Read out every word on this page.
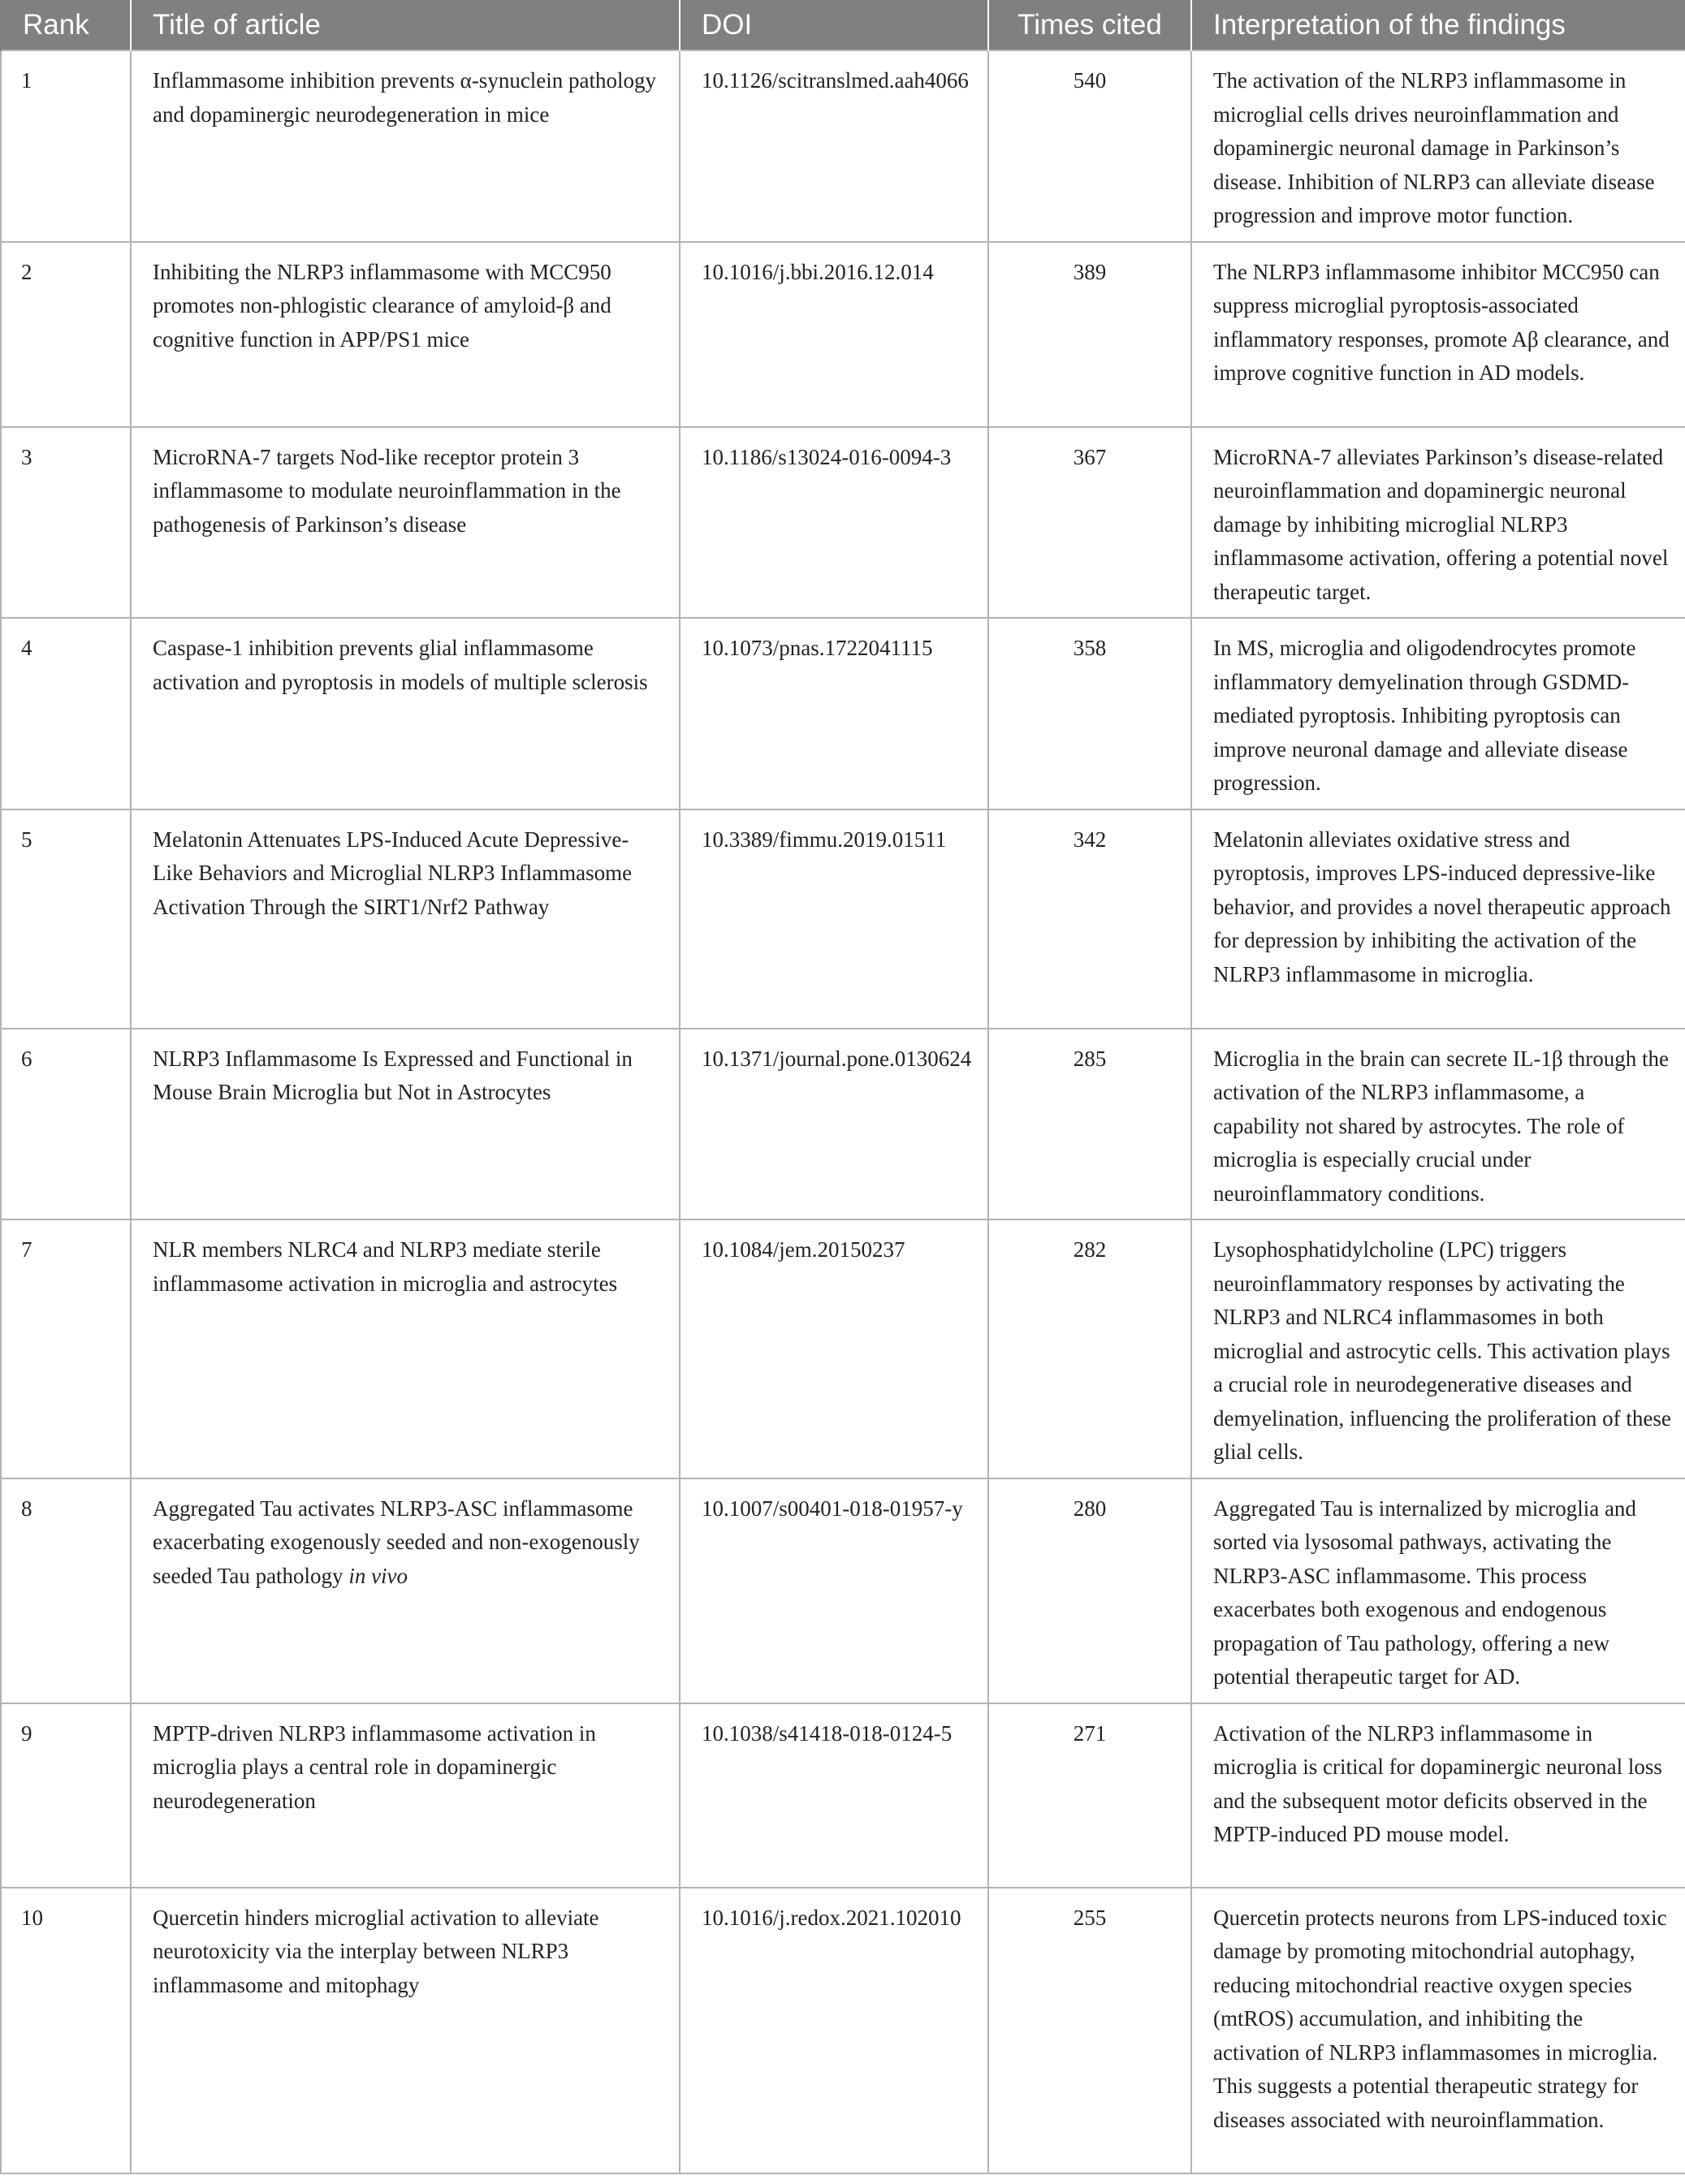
Rank	Title of article	DOI	Times cited	Interpretation of the findings
1	Inflammasome inhibition prevents α-synuclein pathology and dopaminergic neurodegeneration in mice	10.1126/scitranslmed.aah4066	540	The activation of the NLRP3 inflammasome in microglial cells drives neuroinflammation and dopaminergic neuronal damage in Parkinson’s disease. Inhibition of NLRP3 can alleviate disease progression and improve motor function.
2	Inhibiting the NLRP3 inflammasome with MCC950 promotes non-phlogistic clearance of amyloid-β and cognitive function in APP/PS1 mice	10.1016/j.bbi.2016.12.014	389	The NLRP3 inflammasome inhibitor MCC950 can suppress microglial pyroptosis-associated inflammatory responses, promote Aβ clearance, and improve cognitive function in AD models.
3	MicroRNA-7 targets Nod-like receptor protein 3 inflammasome to modulate neuroinflammation in the pathogenesis of Parkinson’s disease	10.1186/s13024-016-0094-3	367	MicroRNA-7 alleviates Parkinson’s disease-related neuroinflammation and dopaminergic neuronal damage by inhibiting microglial NLRP3 inflammasome activation, offering a potential novel therapeutic target.
4	Caspase-1 inhibition prevents glial inflammasome activation and pyroptosis in models of multiple sclerosis	10.1073/pnas.1722041115	358	In MS, microglia and oligodendrocytes promote inflammatory demyelination through GSDMD-mediated pyroptosis. Inhibiting pyroptosis can improve neuronal damage and alleviate disease progression.
5	Melatonin Attenuates LPS-Induced Acute Depressive-Like Behaviors and Microglial NLRP3 Inflammasome Activation Through the SIRT1/Nrf2 Pathway	10.3389/fimmu.2019.01511	342	Melatonin alleviates oxidative stress and pyroptosis, improves LPS-induced depressive-like behavior, and provides a novel therapeutic approach for depression by inhibiting the activation of the NLRP3 inflammasome in microglia.
6	NLRP3 Inflammasome Is Expressed and Functional in Mouse Brain Microglia but Not in Astrocytes	10.1371/journal.pone.0130624	285	Microglia in the brain can secrete IL-1β through the activation of the NLRP3 inflammasome, a capability not shared by astrocytes. The role of microglia is especially crucial under neuroinflammatory conditions.
7	NLR members NLRC4 and NLRP3 mediate sterile inflammasome activation in microglia and astrocytes	10.1084/jem.20150237	282	Lysophosphatidylcholine (LPC) triggers neuroinflammatory responses by activating the NLRP3 and NLRC4 inflammasomes in both microglial and astrocytic cells. This activation plays a crucial role in neurodegenerative diseases and demyelination, influencing the proliferation of these glial cells.
8	Aggregated Tau activates NLRP3-ASC inflammasome exacerbating exogenously seeded and non-exogenously seeded Tau pathology in vivo	10.1007/s00401-018-01957-y	280	Aggregated Tau is internalized by microglia and sorted via lysosomal pathways, activating the NLRP3-ASC inflammasome. This process exacerbates both exogenous and endogenous propagation of Tau pathology, offering a new potential therapeutic target for AD.
9	MPTP-driven NLRP3 inflammasome activation in microglia plays a central role in dopaminergic neurodegeneration	10.1038/s41418-018-0124-5	271	Activation of the NLRP3 inflammasome in microglia is critical for dopaminergic neuronal loss and the subsequent motor deficits observed in the MPTP-induced PD mouse model.
10	Quercetin hinders microglial activation to alleviate neurotoxicity via the interplay between NLRP3 inflammasome and mitophagy	10.1016/j.redox.2021.102010	255	Quercetin protects neurons from LPS-induced toxic damage by promoting mitochondrial autophagy, reducing mitochondrial reactive oxygen species (mtROS) accumulation, and inhibiting the activation of NLRP3 inflammasomes in microglia. This suggests a potential therapeutic strategy for diseases associated with neuroinflammation.
